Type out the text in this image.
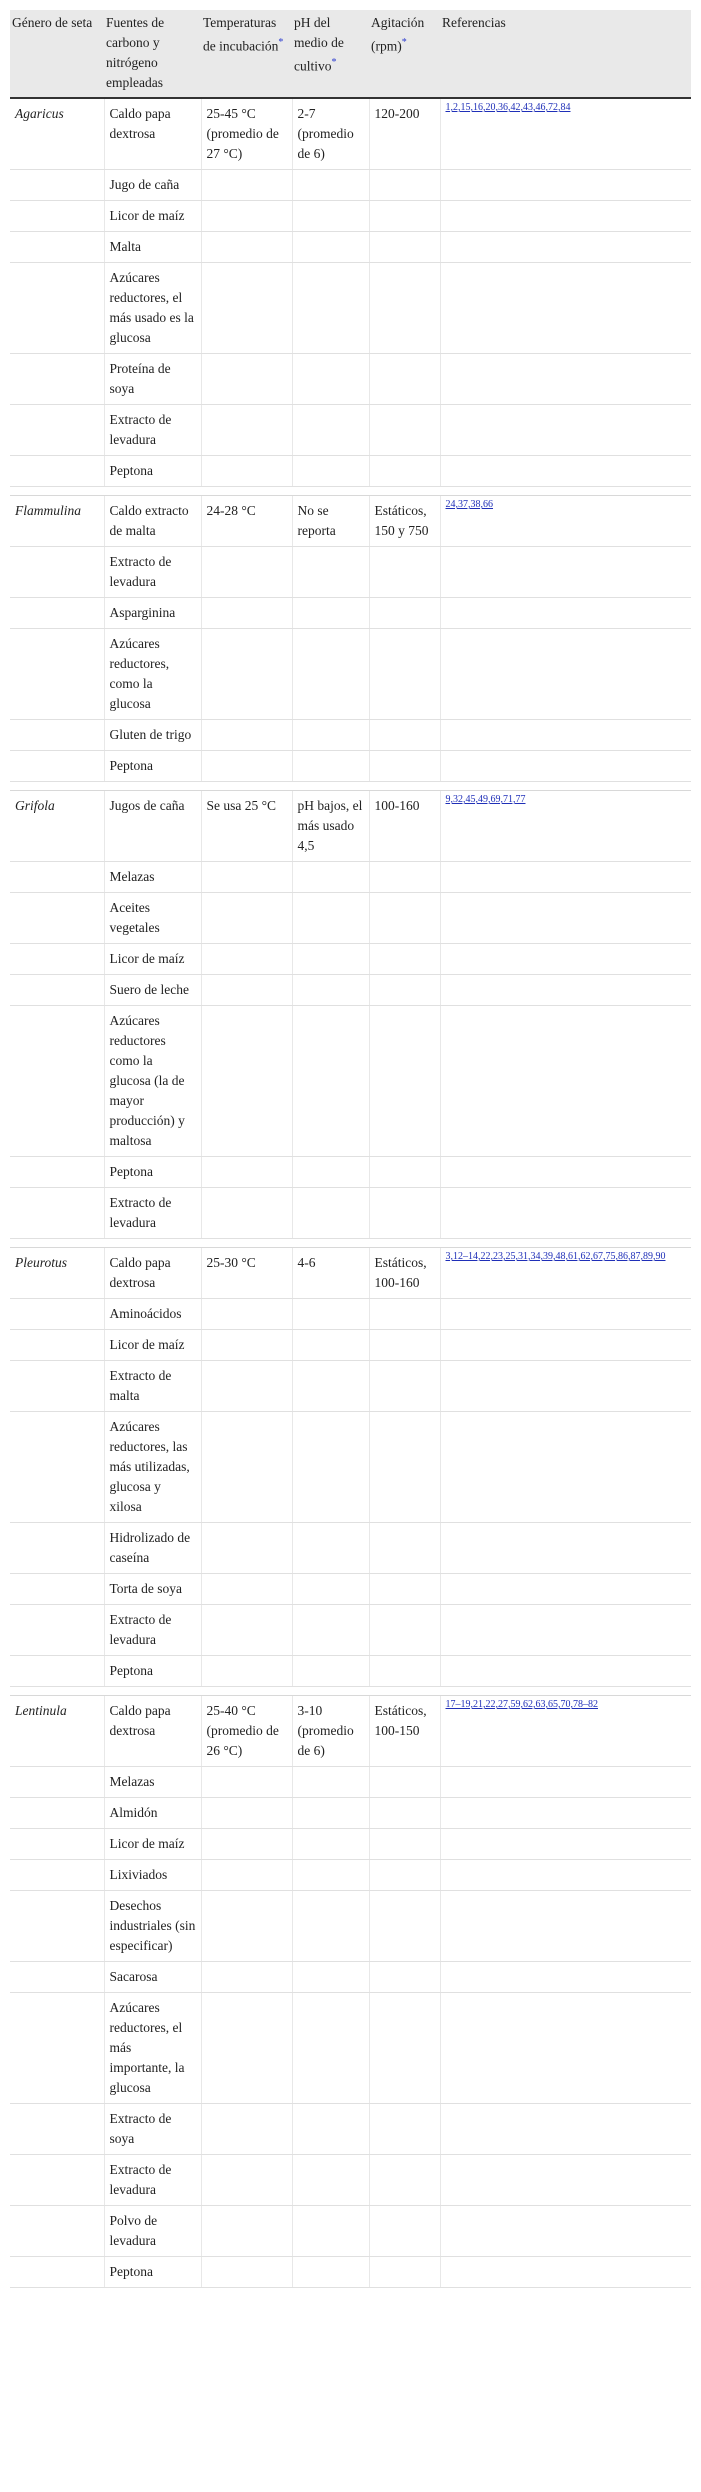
Género de seta	Fuentes de carbono y nitrógeno empleadas	Temperaturas de incubación*	pH del medio de cultivo*	Agitación (rpm)*	Referencias
Agaricus	Caldo papa dextrosa	25-45 °C (promedio de 27 °C)	2-7 (promedio de 6)	120-200	1,2,15,16,20,36,42,43,46,72,84
	Jugo de caña				
	Licor de maíz				
	Malta				
	Azúcares reductores, el más usado es la glucosa				
	Proteína de soya				
	Extracto de levadura				
	Peptona				

Flammulina	Caldo extracto de malta	24-28 °C	No se reporta	Estáticos, 150 y 750	24,37,38,66
	Extracto de levadura				
	Asparginina				
	Azúcares reductores, como la glucosa				
	Gluten de trigo				
	Peptona				

Grifola	Jugos de caña	Se usa 25 °C	pH bajos, el más usado 4,5	100-160	9,32,45,49,69,71,77
	Melazas				
	Aceites vegetales				
	Licor de maíz				
	Suero de leche				
	Azúcares reductores como la glucosa (la de mayor producción) y maltosa				
	Peptona				
	Extracto de levadura				

Pleurotus	Caldo papa dextrosa	25-30 °C	4-6	Estáticos, 100-160	3,12–14,22,23,25,31,34,39,48,61,62,67,75,86,87,89,90
	Aminoácidos				
	Licor de maíz				
	Extracto de malta				
	Azúcares reductores, las más utilizadas, glucosa y xilosa				
	Hidrolizado de caseína				
	Torta de soya				
	Extracto de levadura				
	Peptona				

Lentinula	Caldo papa dextrosa	25-40 °C (promedio de 26 °C)	3-10 (promedio de 6)	Estáticos, 100-150	17–19,21,22,27,59,62,63,65,70,78–82
	Melazas				
	Almidón				
	Licor de maíz				
	Lixiviados				
	Desechos industriales (sin especificar)				
	Sacarosa				
	Azúcares reductores, el más importante, la glucosa				
	Extracto de soya				
	Extracto de levadura				
	Polvo de levadura				
	Peptona				
